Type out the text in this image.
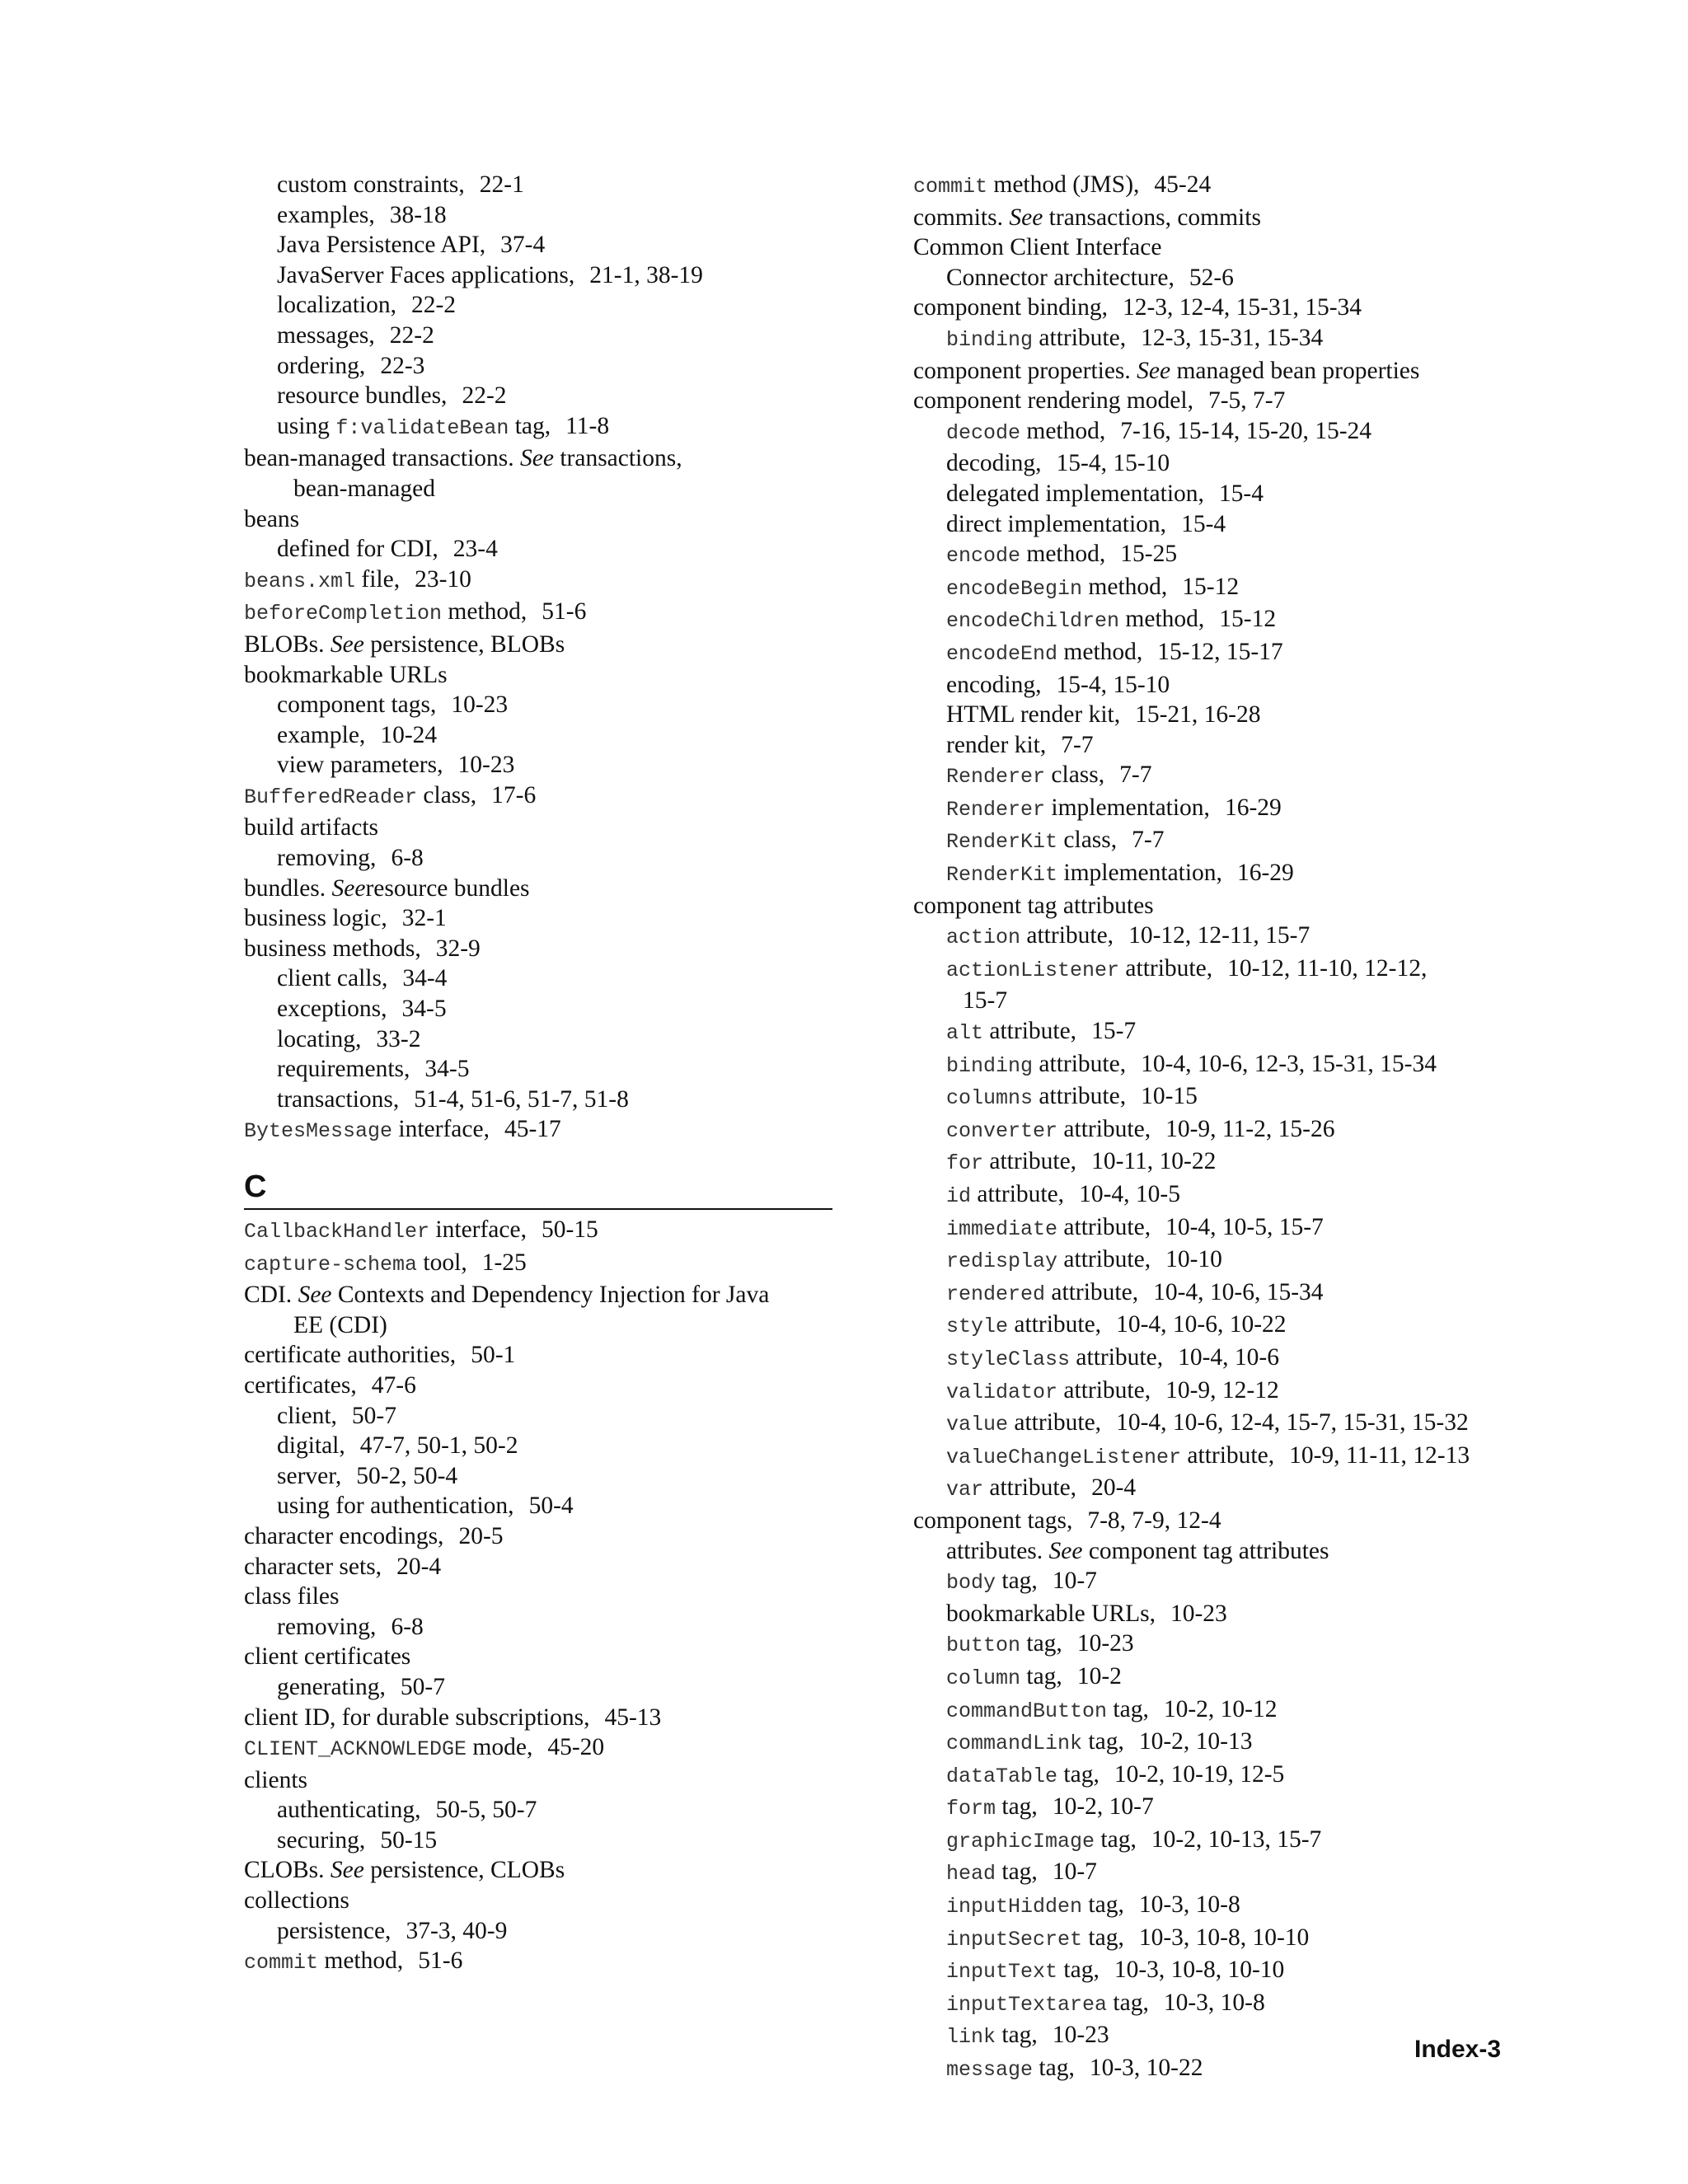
custom constraints, 22-1
examples, 38-18
Java Persistence API, 37-4
JavaServer Faces applications, 21-1, 38-19
localization, 22-2
messages, 22-2
ordering, 22-3
resource bundles, 22-2
using f:validateBean tag, 11-8
bean-managed transactions. See transactions,
bean-managed
beans
defined for CDI, 23-4
beans.xml file, 23-10
beforeCompletion method, 51-6
BLOBs. See persistence, BLOBs
bookmarkable URLs
component tags, 10-23
example, 10-24
view parameters, 10-23
BufferedReader class, 17-6
build artifacts
removing, 6-8
bundles. Seeresource bundles
business logic, 32-1
business methods, 32-9
client calls, 34-4
exceptions, 34-5
locating, 33-2
requirements, 34-5
transactions, 51-4, 51-6, 51-7, 51-8
BytesMessage interface, 45-17
C
CallbackHandler interface, 50-15
capture-schema tool, 1-25
CDI. See Contexts and Dependency Injection for Java
EE (CDI)
certificate authorities, 50-1
certificates, 47-6
client, 50-7
digital, 47-7, 50-1, 50-2
server, 50-2, 50-4
using for authentication, 50-4
character encodings, 20-5
character sets, 20-4
class files
removing, 6-8
client certificates
generating, 50-7
client ID, for durable subscriptions, 45-13
CLIENT_ACKNOWLEDGE mode, 45-20
clients
authenticating, 50-5, 50-7
securing, 50-15
CLOBs. See persistence, CLOBs
collections
persistence, 37-3, 40-9
commit method, 51-6
commit method (JMS), 45-24
commits. See transactions, commits
Common Client Interface
Connector architecture, 52-6
component binding, 12-3, 12-4, 15-31, 15-34
binding attribute, 12-3, 15-31, 15-34
component properties. See managed bean properties
component rendering model, 7-5, 7-7
decode method, 7-16, 15-14, 15-20, 15-24
decoding, 15-4, 15-10
delegated implementation, 15-4
direct implementation, 15-4
encode method, 15-25
encodeBegin method, 15-12
encodeChildren method, 15-12
encodeEnd method, 15-12, 15-17
encoding, 15-4, 15-10
HTML render kit, 15-21, 16-28
render kit, 7-7
Renderer class, 7-7
Renderer implementation, 16-29
RenderKit class, 7-7
RenderKit implementation, 16-29
component tag attributes
action attribute, 10-12, 12-11, 15-7
actionListener attribute, 10-12, 11-10, 12-12,
15-7
alt attribute, 15-7
binding attribute, 10-4, 10-6, 12-3, 15-31, 15-34
columns attribute, 10-15
converter attribute, 10-9, 11-2, 15-26
for attribute, 10-11, 10-22
id attribute, 10-4, 10-5
immediate attribute, 10-4, 10-5, 15-7
redisplay attribute, 10-10
rendered attribute, 10-4, 10-6, 15-34
style attribute, 10-4, 10-6, 10-22
styleClass attribute, 10-4, 10-6
validator attribute, 10-9, 12-12
value attribute, 10-4, 10-6, 12-4, 15-7, 15-31, 15-32
valueChangeListener attribute, 10-9, 11-11, 12-13
var attribute, 20-4
component tags, 7-8, 7-9, 12-4
attributes. See component tag attributes
body tag, 10-7
bookmarkable URLs, 10-23
button tag, 10-23
column tag, 10-2
commandButton tag, 10-2, 10-12
commandLink tag, 10-2, 10-13
dataTable tag, 10-2, 10-19, 12-5
form tag, 10-2, 10-7
graphicImage tag, 10-2, 10-13, 15-7
head tag, 10-7
inputHidden tag, 10-3, 10-8
inputSecret tag, 10-3, 10-8, 10-10
inputText tag, 10-3, 10-8, 10-10
inputTextarea tag, 10-3, 10-8
link tag, 10-23
message tag, 10-3, 10-22
Index-3
